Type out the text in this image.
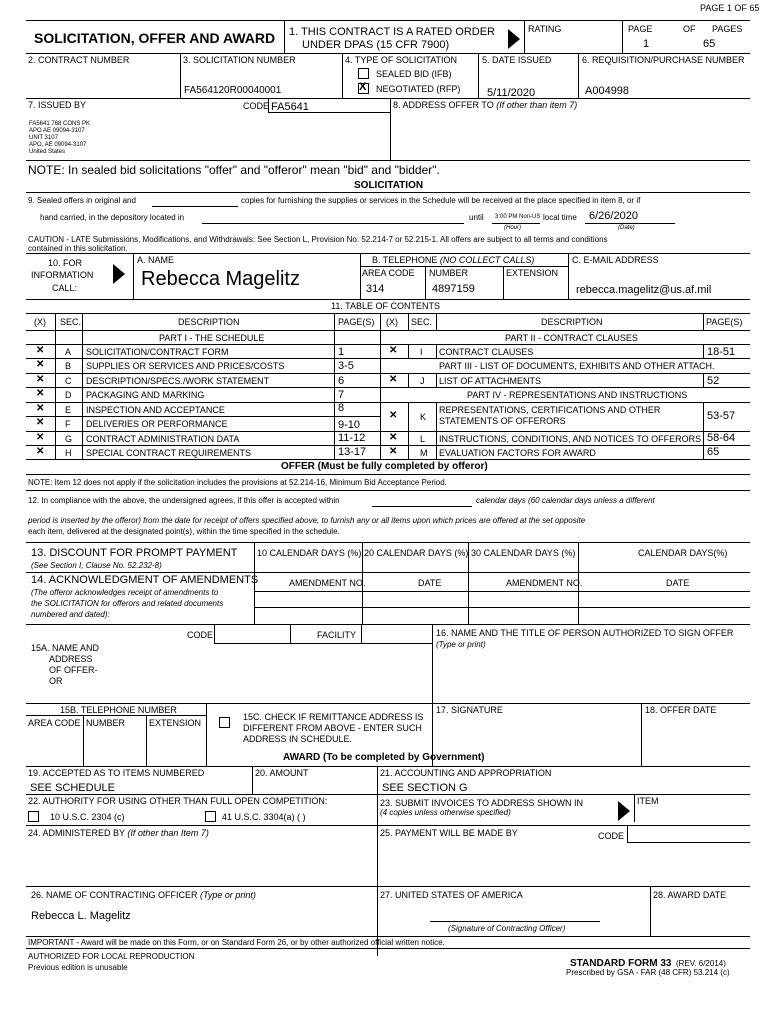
PAGE 1 OF 65
SOLICITATION, OFFER AND AWARD 1. THIS CONTRACT IS A RATED ORDER
UNDER DPAS (15 CFR 7900)
RATING	PAGE	OF PAGES
1	65
2. CONTRACT NUMBER	3. SOLICITATION NUMBER
FA564120R00040001
4. TYPE OF SOLICITATION
SEALED BID (IFB)
X NEGOTIATED (RFP)
5. DATE ISSUED
5/11/2020
6. REQUISITION/PURCHASE NUMBER
A004998
7. ISSUED BY	CODE FA5641	8. ADDRESS OFFER TO (If other than item 7)
FA5641 768 CONS PK
APO AE 09094-3107
UNIT 3107
APO, AE 09094-3107
United States
NOTE: In sealed bid solicitations "offer" and "offeror" mean "bid" and "bidder".
SOLICITATION
9. Sealed offers in original and	copies for furnishing the supplies or services in the Schedule will be received at the place specified in item 8, or if
hand carried, in the depository located in	until 3:00 PM Non-US local time 6/26/2020
(Hour)	(Date)
CAUTION - LATE Submissions, Modifications, and Withdrawals: See Section L, Provision No. 52.214-7 or 52.215-1. All offers are subject to all terms and conditions
contained in this solicitation.
10. FOR
INFORMATION
CALL:
A. NAME
Rebecca Magelitz
B. TELEPHONE (NO COLLECT CALLS)
AREA CODE NUMBER	EXTENSION
314	4897159
C. E-MAIL ADDRESS
rebecca.magelitz@us.af.mil
11. TABLE OF CONTENTS
(X) SEC.	DESCRIPTION	PAGE(S) (X) SEC.	DESCRIPTION	PAGE(S)
PART I - THE SCHEDULE
✕ A SOLICITATION/CONTRACT FORM	1
✕ B SUPPLIES OR SERVICES AND PRICES/COSTS	3-5
✕ C DESCRIPTION/SPECS./WORK STATEMENT	6
✕ D PACKAGING AND MARKING	7
✕ E INSPECTION AND ACCEPTANCE	8
✕ F DELIVERIES OR PERFORMANCE	9-10
✕ G CONTRACT ADMINISTRATION DATA	11-12
✕ H SPECIAL CONTRACT REQUIREMENTS	13-17
PART II - CONTRACT CLAUSES
✕	I CONTRACT CLAUSES	18-51
PART III - LIST OF DOCUMENTS, EXHIBITS AND OTHER ATTACH.
✕	J LIST OF ATTACHMENTS	52
PART IV - REPRESENTATIONS AND INSTRUCTIONS
✕	K
REPRESENTATIONS, CERTIFICATIONS AND OTHER
STATEMENTS OF OFFERORS	53-57
✕	L INSTRUCTIONS, CONDITIONS, AND NOTICES TO OFFERORS 58-64
✕	M EVALUATION FACTORS FOR AWARD	65
OFFER (Must be fully completed by offeror)
NOTE: Item 12 does not apply if the solicitation includes the provisions at 52.214-16, Minimum Bid Acceptance Period.
12. In compliance with the above, the undersigned agrees, if this offer is accepted within	calendar days (60 calendar days unless a different
period is inserted by the offeror) from the date for receipt of offers specified above, to furnish any or all items upon which prices are offered at the set opposite
each item, delivered at the designated point(s), within the time specified in the schedule.
13. DISCOUNT FOR PROMPT PAYMENT
(See Section I, Clause No. 52.232-8)
10 CALENDAR DAYS (%) 20 CALENDAR DAYS (%) 30 CALENDAR DAYS (%)	CALENDAR DAYS(%)
14. ACKNOWLEDGMENT OF AMENDMENTS
(The offeror acknowledges receipt of amendments to
the SOLICITATION for offerors and related documents
numbered and dated):
AMENDMENT NO.	DATE	AMENDMENT NO.	DATE
CODE	FACILITY
15A. NAME AND
ADDRESS
OF OFFER-
OR
16. NAME AND THE TITLE OF PERSON AUTHORIZED TO SIGN OFFER
(Type or print)
15B. TELEPHONE NUMBER
AREA CODE NUMBER	EXTENSION
15C. CHECK IF REMITTANCE ADDRESS IS
DIFFERENT FROM ABOVE - ENTER SUCH
ADDRESS IN SCHEDULE.
17. SIGNATURE	18. OFFER DATE
AWARD (To be completed by Government)
19. ACCEPTED AS TO ITEMS NUMBERED
SEE SCHEDULE
20. AMOUNT	21. ACCOUNTING AND APPROPRIATION
SEE SECTION G
22. AUTHORITY FOR USING OTHER THAN FULL OPEN COMPETITION:
10 U.S.C. 2304 (c)	41 U.S.C. 3304(a) ( )
23. SUBMIT INVOICES TO ADDRESS SHOWN IN
(4 copies unless otherwise specified)
ITEM
24. ADMINISTERED BY (If other than Item 7)	25. PAYMENT WILL BE MADE BY	CODE
26. NAME OF CONTRACTING OFFICER (Type or print)
Rebecca L. Magelitz
27. UNITED STATES OF AMERICA
(Signature of Contracting Officer)
28. AWARD DATE
IMPORTANT - Award will be made on this Form, or on Standard Form 26, or by other authorized official written notice.
AUTHORIZED FOR LOCAL REPRODUCTION
Previous edition is unusable	STANDARD FORM 33 (REV. 6/2014)
Prescribed by GSA - FAR (48 CFR) 53.214 (c)
